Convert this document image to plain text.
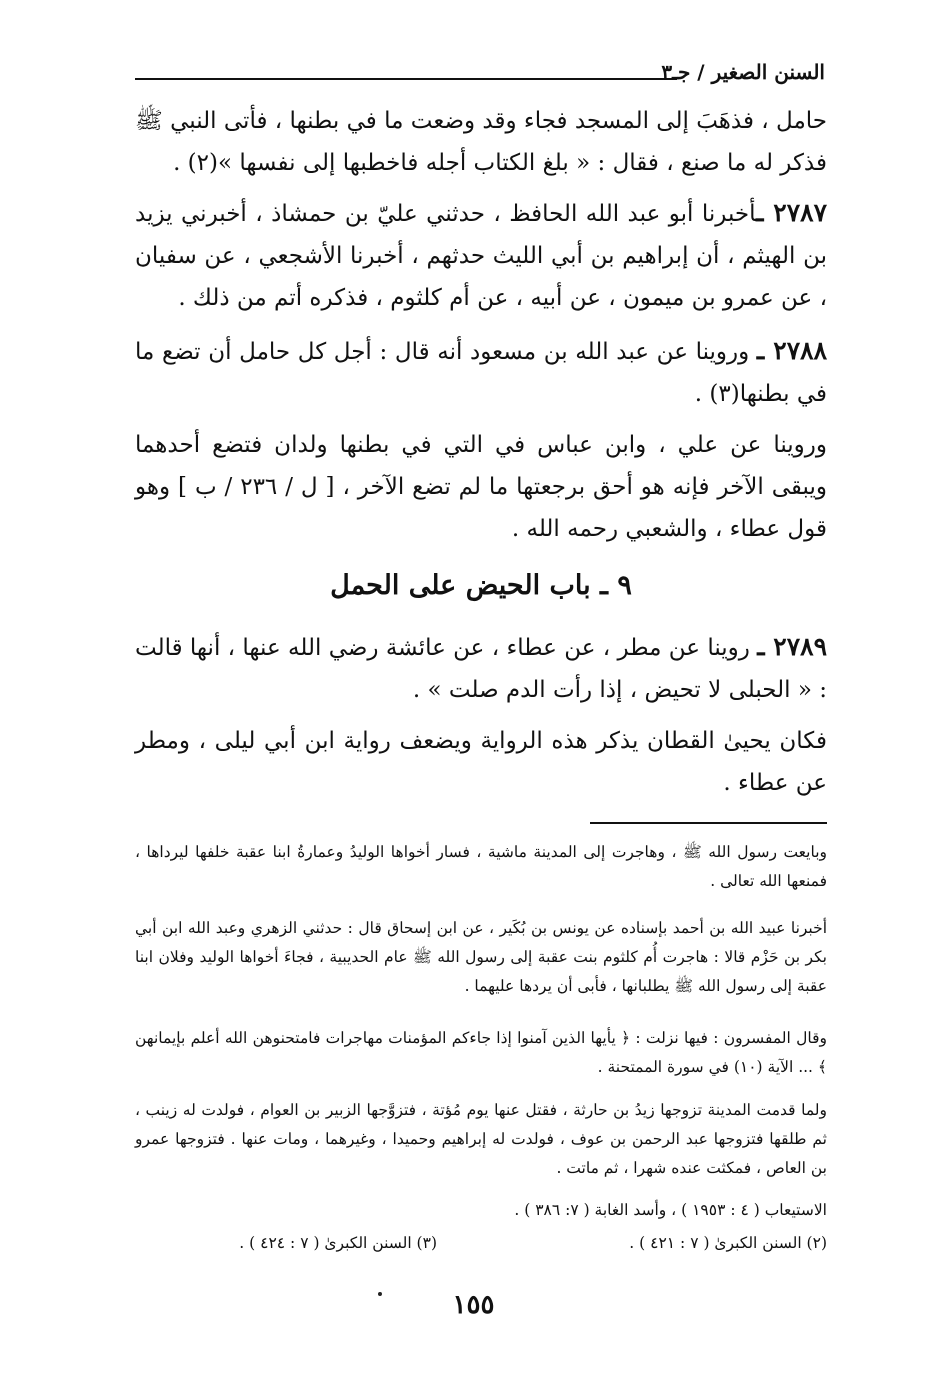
السنن الصغير / جـ٣
حامل ، فذهَبَ إلى المسجد فجاء وقد وضعت ما في بطنها ، فأتى النبي ﷺ فذكر له ما صنع ، فقال : « بلغ الكتاب أجله فاخطبها إلى نفسها »(٢) .
٢٧٨٧ ـأخبرنا أبو عبد الله الحافظ ، حدثني عليّ بن حمشاذ ، أخبرني يزيد بن الهيثم ، أن إبراهيم بن أبي الليث حدثهم ، أخبرنا الأشجعي ، عن سفيان ، عن عمرو بن ميمون ، عن أبيه ، عن أم كلثوم ، فذكره أتم من ذلك .
٢٧٨٨ ـ وروينا عن عبد الله بن مسعود أنه قال : أجل كل حامل أن تضع ما في بطنها(٣) .
وروينا عن علي ، وابن عباس في التي في بطنها ولدان فتضع أحدهما ويبقى الآخر فإنه هو أحق برجعتها ما لم تضع الآخر ، [ ل / ٢٣٦ / ب ] وهو قول عطاء ، والشعبي رحمه الله .
٩ ـ باب الحيض على الحمل
٢٧٨٩ ـ روينا عن مطر ، عن عطاء ، عن عائشة رضي الله عنها ، أنها قالت : « الحبلى لا تحيض ، إذا رأت الدم صلت » .
فكان يحيىٰ القطان يذكر هذه الرواية ويضعف رواية ابن أبي ليلى ، ومطر عن عطاء .
وبايعت رسول الله ﷺ ، وهاجرت إلى المدينة ماشية ، فسار أخواها الوليدُ وعمارةُ ابنا عقبة خلفها ليرداها ، فمنعها الله تعالى .
أخبرنا عبيد الله بن أحمد بإسناده عن يونس بن بُكَير ، عن ابن إسحاق قال : حدثني الزهري وعبد الله ابن أبي بكر بن حَزْم قالا : هاجرت أُم كلثوم بنت عقبة إلى رسول الله ﷺ عام الحديبية ، فجاءَ أخواها الوليد وفلان ابنا عقبة إلى رسول الله ﷺ يطلبانها ، فأبى أن يردها عليهما .
وقال المفسرون : فيها نزلت : ﴿ يأيها الذين آمنوا إذا جاءكم المؤمنات مهاجرات فامتحنوهن الله أعلم بإيمانهن ﴾ ... الآية (١٠) في سورة الممتحنة .
ولما قدمت المدينة تزوجها زيدُ بن حارثة ، فقتل عنها يوم مُؤتة ، فتزوَّجها الزبير بن العوام ، فولدت له زينب ، ثم طلقها فتزوجها عبد الرحمن بن عوف ، فولدت له إبراهيم وحميدا ، وغيرهما ، ومات عنها . فتزوجها عمرو بن العاص ، فمكثت عنده شهرا ، ثم ماتت .
الاستيعاب ( ٤ : ١٩٥٣ ) ، وأسد الغابة ( ٧: ٣٨٦ ) .
(٢) السنن الكبرىٰ ( ٧ : ٤٢١ ) .
(٣) السنن الكبرىٰ ( ٧ : ٤٢٤ ) .
١٥٥
